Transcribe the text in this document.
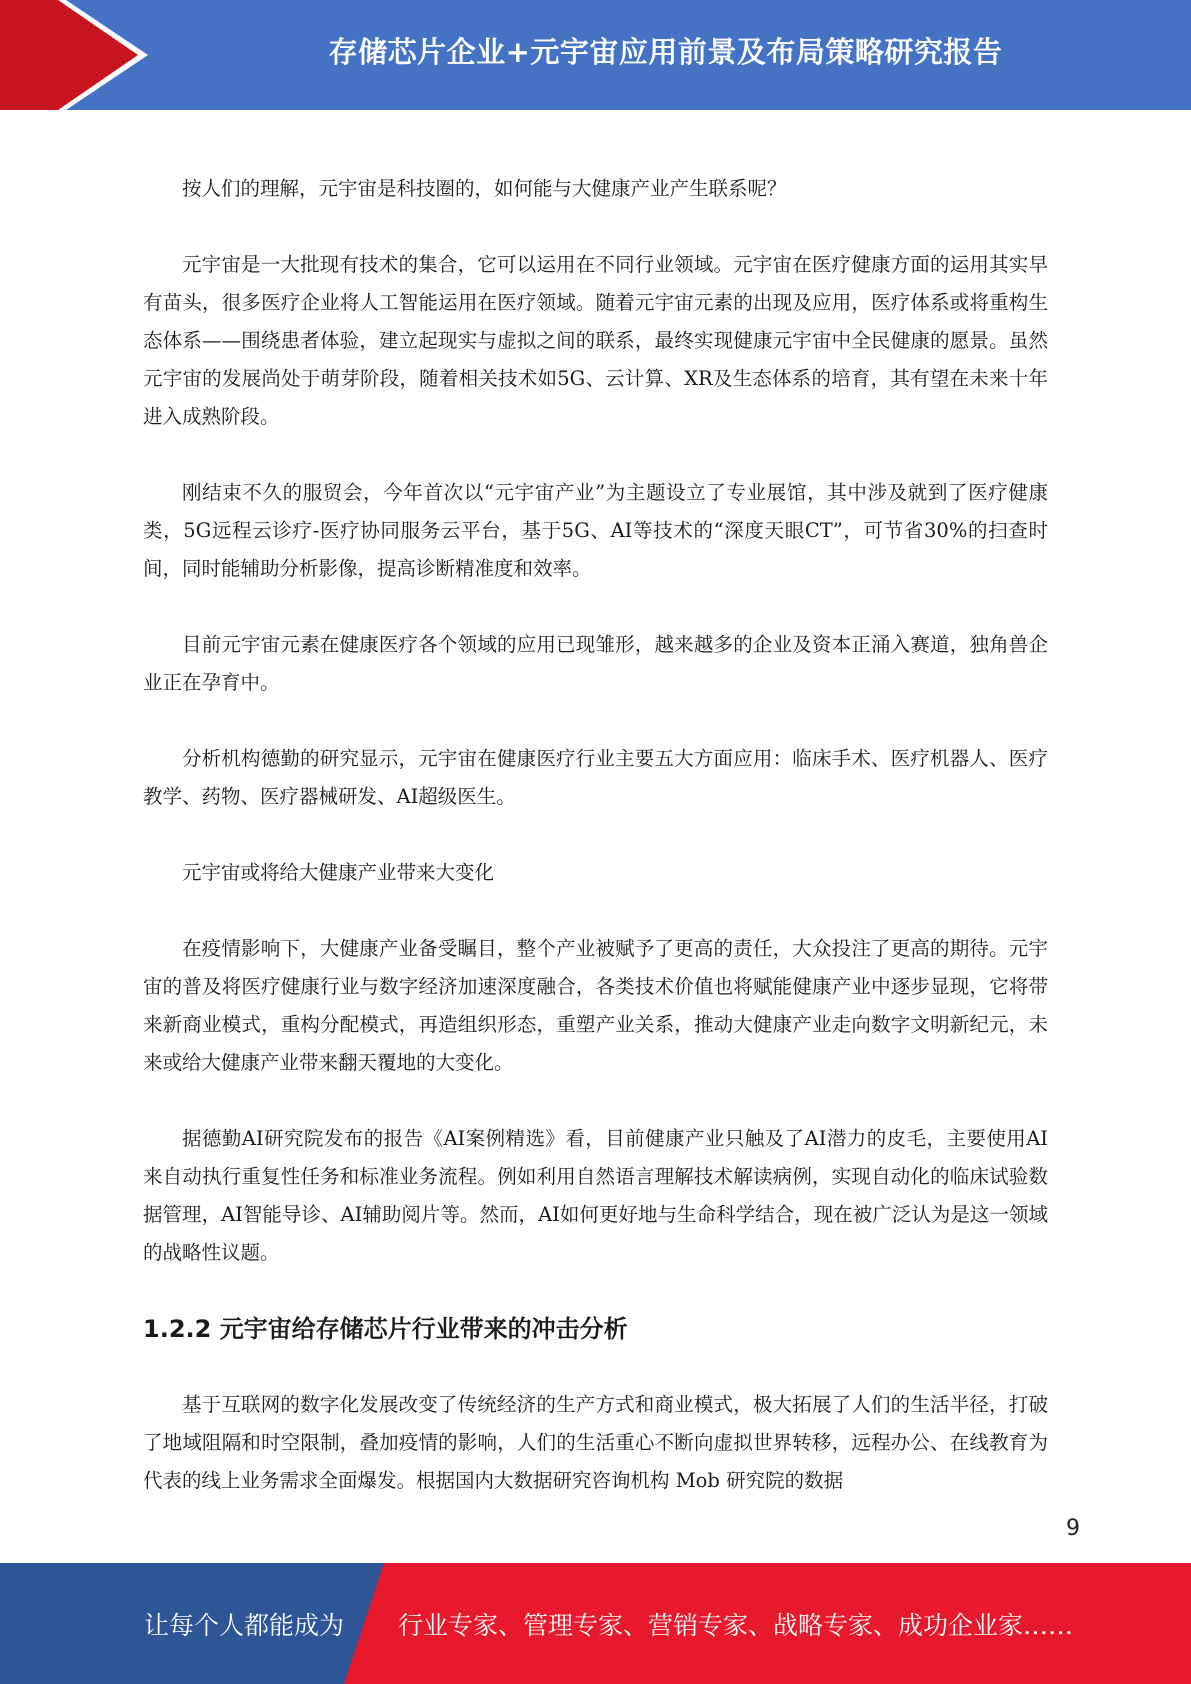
存储芯片企业+元宇宙应用前景及布局策略研究报告

按人们的理解，元宇宙是科技圈的，如何能与大健康产业产生联系呢？

元宇宙是一大批现有技术的集合，它可以运用在不同行业领域。元宇宙在医疗健康方面的运用其实早有苗头，很多医疗企业将人工智能运用在医疗领域。随着元宇宙元素的出现及应用，医疗体系或将重构生态体系——围绕患者体验，建立起现实与虚拟之间的联系，最终实现健康元宇宙中全民健康的愿景。虽然元宇宙的发展尚处于萌芽阶段，随着相关技术如5G、云计算、XR及生态体系的培育，其有望在未来十年进入成熟阶段。

刚结束不久的服贸会，今年首次以“元宇宙产业”为主题设立了专业展馆，其中涉及就到了医疗健康类，5G远程云诊疗-医疗协同服务云平台，基于5G、AI等技术的“深度天眼CT”，可节省30%的扫查时间，同时能辅助分析影像，提高诊断精准度和效率。

目前元宇宙元素在健康医疗各个领域的应用已现雏形，越来越多的企业及资本正涌入赛道，独角兽企业正在孕育中。

分析机构德勤的研究显示，元宇宙在健康医疗行业主要五大方面应用：临床手术、医疗机器人、医疗教学、药物、医疗器械研发、AI超级医生。

元宇宙或将给大健康产业带来大变化

在疫情影响下，大健康产业备受瞩目，整个产业被赋予了更高的责任，大众投注了更高的期待。元宇宙的普及将医疗健康行业与数字经济加速深度融合，各类技术价值也将赋能健康产业中逐步显现，它将带来新商业模式，重构分配模式，再造组织形态，重塑产业关系，推动大健康产业走向数字文明新纪元，未来或给大健康产业带来翻天覆地的大变化。

据德勤AI研究院发布的报告《AI案例精选》看，目前健康产业只触及了AI潜力的皮毛，主要使用AI来自动执行重复性任务和标准业务流程。例如利用自然语言理解技术解读病例，实现自动化的临床试验数据管理，AI智能导诊、AI辅助阅片等。然而，AI如何更好地与生命科学结合，现在被广泛认为是这一领域的战略性议题。

1.2.2 元宇宙给存储芯片行业带来的冲击分析

基于互联网的数字化发展改变了传统经济的生产方式和商业模式，极大拓展了人们的生活半径，打破了地域阻隔和时空限制，叠加疫情的影响，人们的生活重心不断向虚拟世界转移，远程办公、在线教育为代表的线上业务需求全面爆发。根据国内大数据研究咨询机构 Mob 研究院的数据

9
让每个人都能成为 行业专家、管理专家、营销专家、战略专家、成功企业家……
